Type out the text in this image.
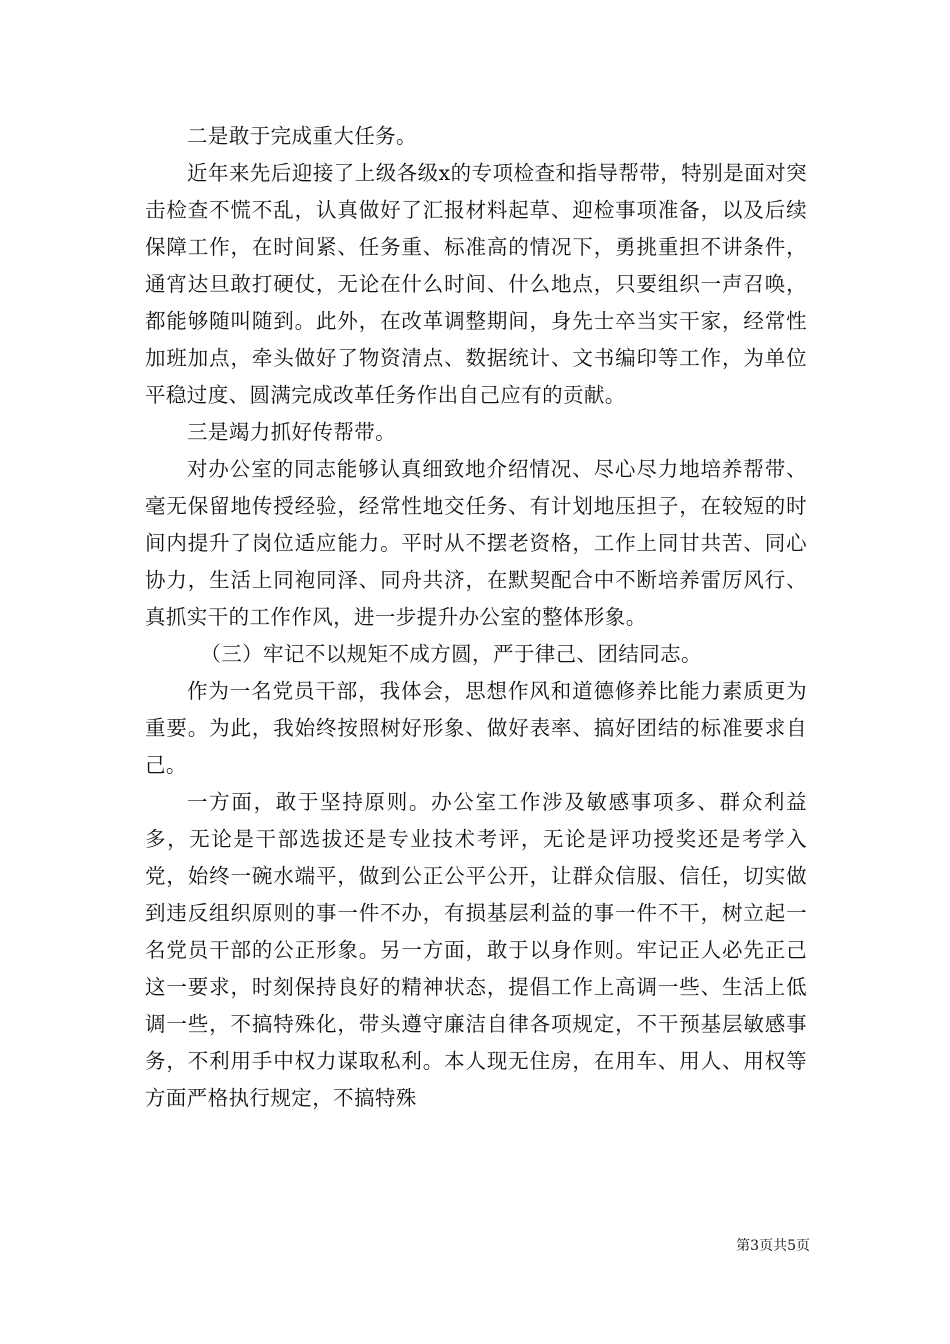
二是敢于完成重大任务。

近年来先后迎接了上级各级x的专项检查和指导帮带，特别是面对突击检查不慌不乱，认真做好了汇报材料起草、迎检事项准备，以及后续保障工作，在时间紧、任务重、标准高的情况下，勇挑重担不讲条件，通宵达旦敢打硬仗，无论在什么时间、什么地点，只要组织一声召唤，都能够随叫随到。此外，在改革调整期间，身先士卒当实干家，经常性加班加点，牵头做好了物资清点、数据统计、文书编印等工作，为单位平稳过度、圆满完成改革任务作出自己应有的贡献。

三是竭力抓好传帮带。

对办公室的同志能够认真细致地介绍情况、尽心尽力地培养帮带、毫无保留地传授经验，经常性地交任务、有计划地压担子，在较短的时间内提升了岗位适应能力。平时从不摆老资格，工作上同甘共苦、同心协力，生活上同袍同泽、同舟共济，在默契配合中不断培养雷厉风行、真抓实干的工作作风，进一步提升办公室的整体形象。

（三）牢记不以规矩不成方圆，严于律己、团结同志。

作为一名党员干部，我体会，思想作风和道德修养比能力素质更为重要。为此，我始终按照树好形象、做好表率、搞好团结的标准要求自己。

一方面，敢于坚持原则。办公室工作涉及敏感事项多、群众利益多，无论是干部选拔还是专业技术考评，无论是评功授奖还是考学入党，始终一碗水端平，做到公正公平公开，让群众信服、信任，切实做到违反组织原则的事一件不办，有损基层利益的事一件不干，树立起一名党员干部的公正形象。另一方面，敢于以身作则。牢记正人必先正己这一要求，时刻保持良好的精神状态，提倡工作上高调一些、生活上低调一些，不搞特殊化，带头遵守廉洁自律各项规定，不干预基层敏感事务，不利用手中权力谋取私利。本人现无住房，在用车、用人、用权等方面严格执行规定，不搞特殊

第3页共5页
